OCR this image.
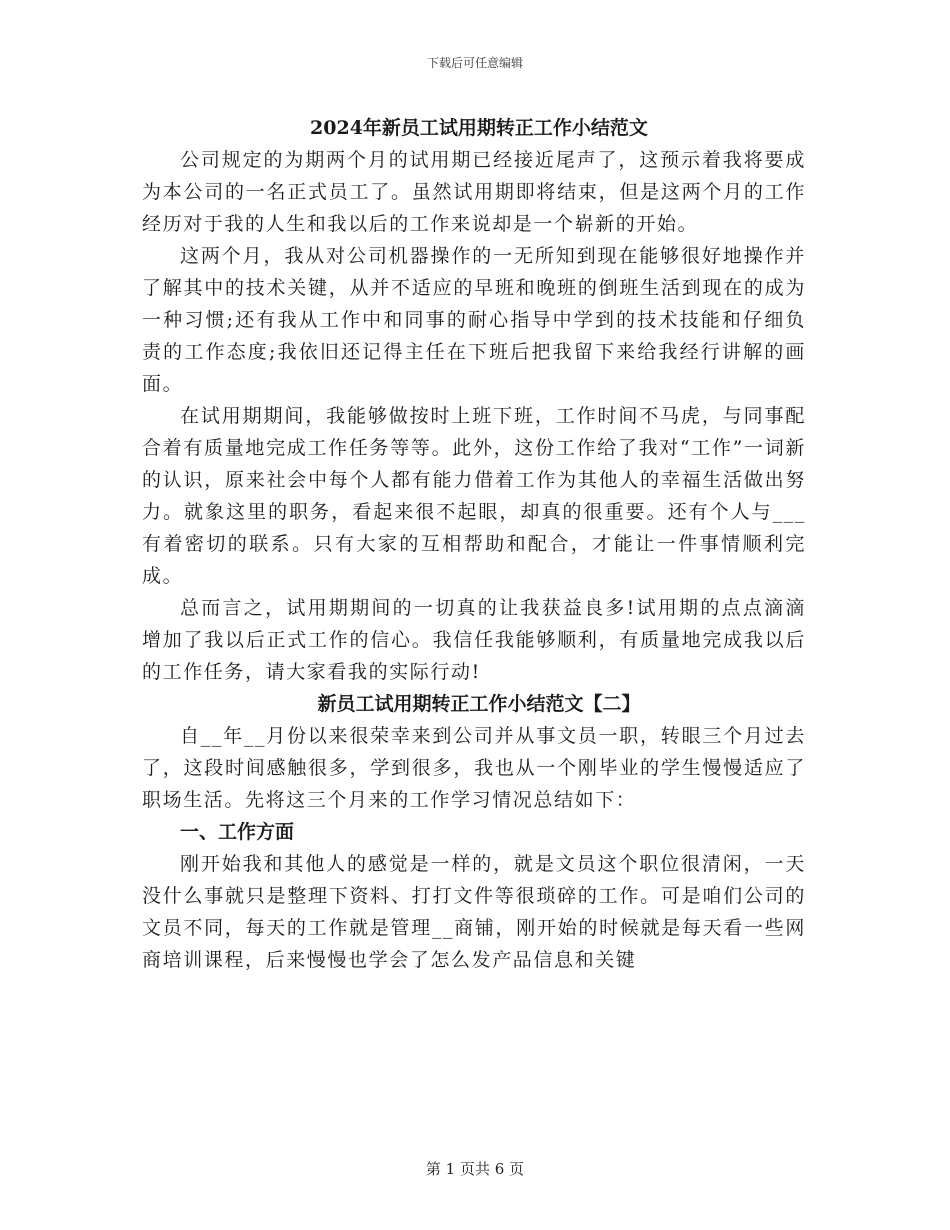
下载后可任意编辑

2024年新员工试用期转正工作小结范文

公司规定的为期两个月的试用期已经接近尾声了，这预示着我将要成为本公司的一名正式员工了。虽然试用期即将结束，但是这两个月的工作经历对于我的人生和我以后的工作来说却是一个崭新的开始。

这两个月，我从对公司机器操作的一无所知到现在能够很好地操作并了解其中的技术关键，从并不适应的早班和晚班的倒班生活到现在的成为一种习惯;还有我从工作中和同事的耐心指导中学到的技术技能和仔细负责的工作态度;我依旧还记得主任在下班后把我留下来给我经行讲解的画面。

在试用期期间，我能够做按时上班下班，工作时间不马虎，与同事配合着有质量地完成工作任务等等。此外，这份工作给了我对“工作”一词新的认识，原来社会中每个人都有能力借着工作为其他人的幸福生活做出努力。就象这里的职务，看起来很不起眼，却真的很重要。还有个人与___有着密切的联系。只有大家的互相帮助和配合，才能让一件事情顺利完成。

总而言之，试用期期间的一切真的让我获益良多!试用期的点点滴滴增加了我以后正式工作的信心。我信任我能够顺利，有质量地完成我以后的工作任务，请大家看我的实际行动!

新员工试用期转正工作小结范文【二】

自__年__月份以来很荣幸来到公司并从事文员一职，转眼三个月过去了，这段时间感触很多，学到很多，我也从一个刚毕业的学生慢慢适应了职场生活。先将这三个月来的工作学习情况总结如下：

一、工作方面

刚开始我和其他人的感觉是一样的，就是文员这个职位很清闲，一天没什么事就只是整理下资料、打打文件等很琐碎的工作。可是咱们公司的文员不同，每天的工作就是管理__商铺，刚开始的时候就是每天看一些网商培训课程，后来慢慢也学会了怎么发产品信息和关键

第 1 页共 6 页
